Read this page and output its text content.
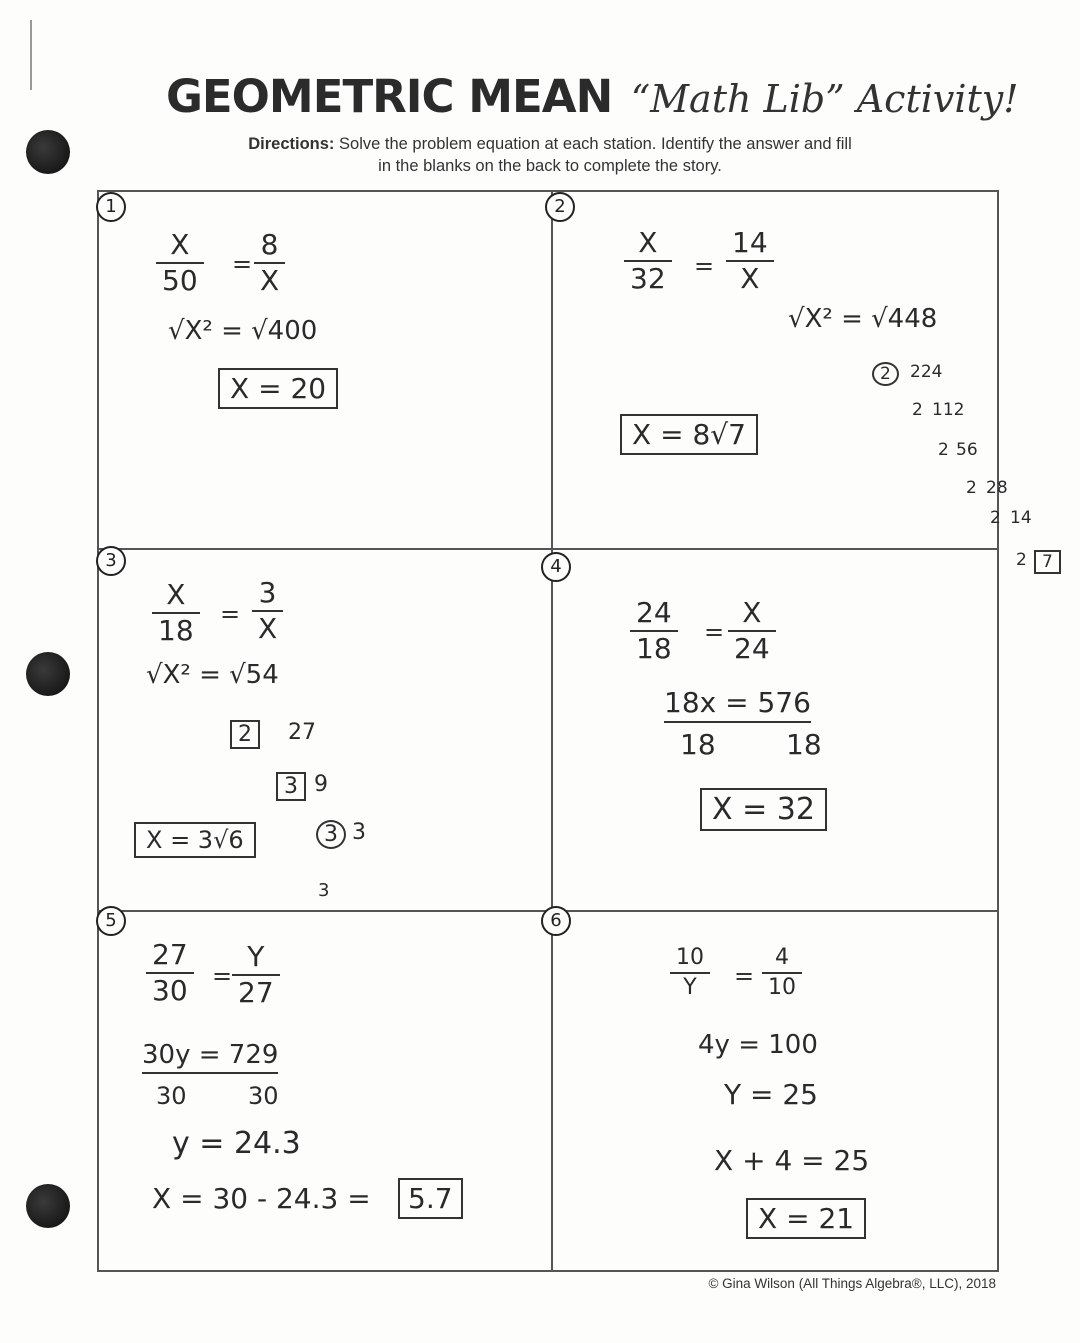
GEOMETRIC MEAN “Math Lib” Activity!
Directions: Solve the problem equation at each station. Identify the answer and fill in the blanks on the back to complete the story.
1	2
3	4
5	6
$\frac{X}{50} = \frac{8}{X}$
√X² = √400
X = 20
$\frac{X}{32} = \frac{14}{X}$
√X² = √448
X = 8√7
224
2
112
2
56
2
28
2
14
2
7
2
$\frac{X}{18} = \frac{3}{X}$
√X² = √54
2	27
3 9
3 3
3
X = 3√6
$\frac{24}{18} = \frac{X}{24}$
18x = 576
18	18
X = 32
$\frac{27}{30} = \frac{Y}{27}$
30y = 729
30	30
y = 24.3
X = 30 - 24.3 =	5.7
$\frac{10}{Y} = \frac{4}{10}$
4y = 100
Y = 25
X + 4 = 25
X = 21
© Gina Wilson (All Things Algebra®, LLC), 2018
